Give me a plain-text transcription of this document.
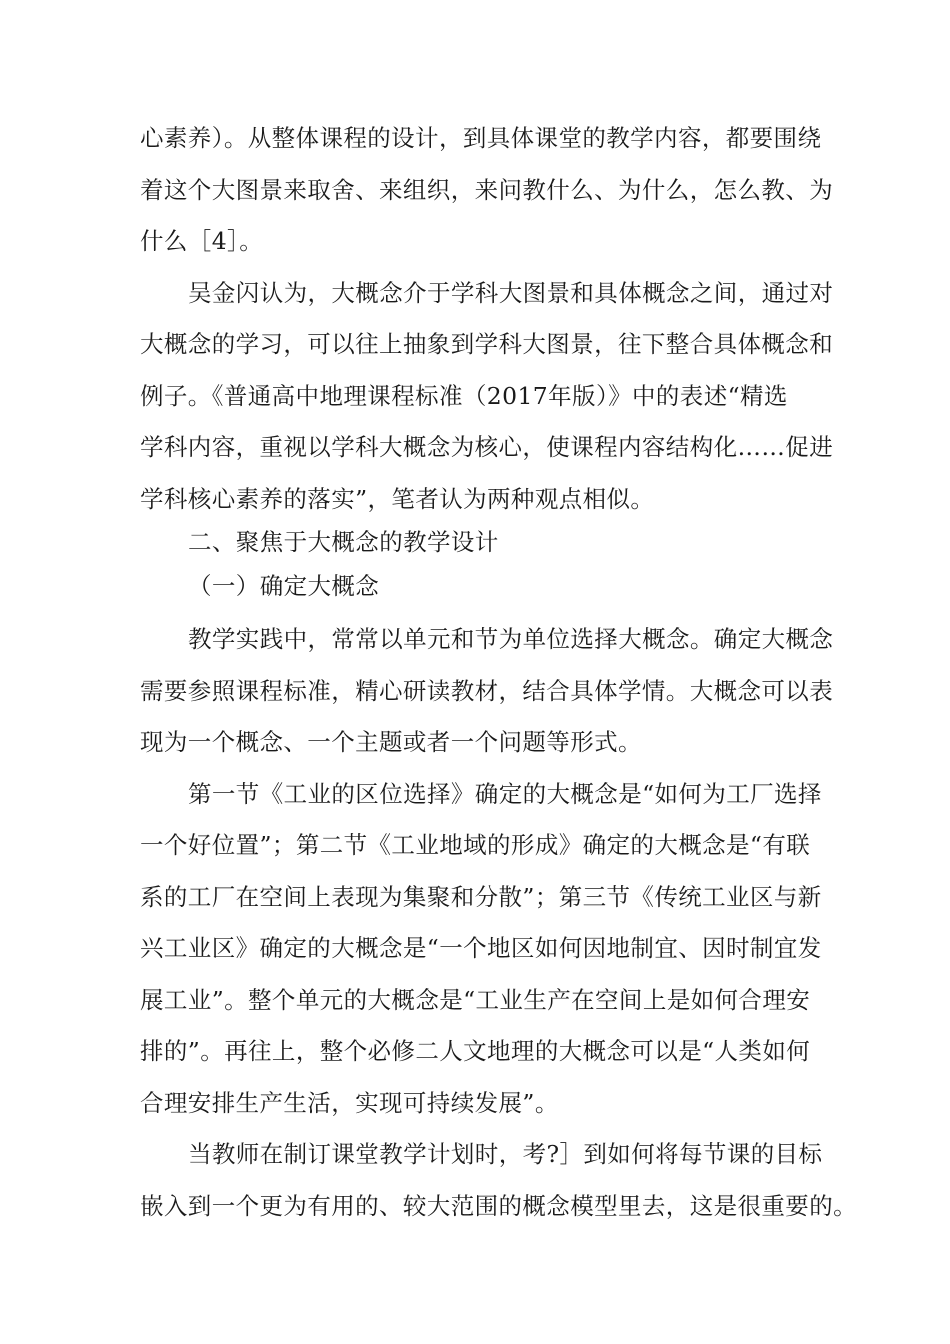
心素养）。从整体课程的设计，到具体课堂的教学内容，都要围绕
着这个大图景来取舍、来组织，来问教什么、为什么，怎么教、为
什么［4］。
吴金闪认为，大概念介于学科大图景和具体概念之间，通过对
大概念的学习，可以往上抽象到学科大图景，往下整合具体概念和
例子。《普通高中地理课程标准（2017年版）》中的表述“精选
学科内容，重视以学科大概念为核心，使课程内容结构化……促进
学科核心素养的落实”，笔者认为两种观点相似。
二、聚焦于大概念的教学设计
（一）确定大概念
教学实践中，常常以单元和节为单位选择大概念。确定大概念
需要参照课程标准，精心研读教材，结合具体学情。大概念可以表
现为一个概念、一个主题或者一个问题等形式。
第一节《工业的区位选择》确定的大概念是“如何为工厂选择
一个好位置”；第二节《工业地域的形成》确定的大概念是“有联
系的工厂在空间上表现为集聚和分散”；第三节《传统工业区与新
兴工业区》确定的大概念是“一个地区如何因地制宜、因时制宜发
展工业”。整个单元的大概念是“工业生产在空间上是如何合理安
排的”。再往上，整个必修二人文地理的大概念可以是“人类如何
合理安排生产生活，实现可持续发展”。
当教师在制订课堂教学计划时，考?］到如何将每节课的目标
嵌入到一个更为有用的、较大范围的概念模型里去，这是很重要的。
